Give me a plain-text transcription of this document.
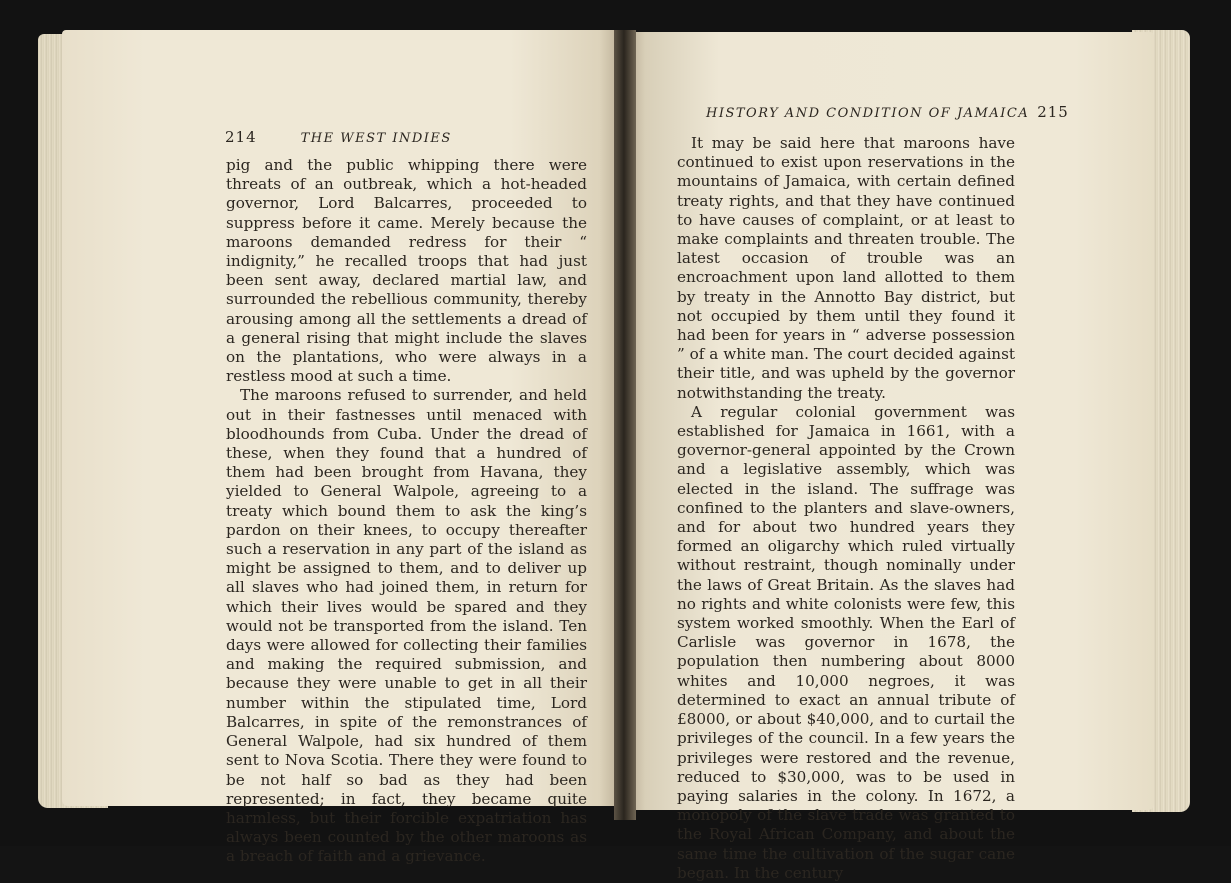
214	THE WEST INDIES
HISTORY AND CONDITION OF JAMAICA 215

pig and the public whipping there were threats of an outbreak, which a hot-headed governor, Lord Balcarres, proceeded to suppress before it came. Merely because the maroons demanded redress for their “ indignity,” he recalled troops that had just been sent away, declared martial law, and surrounded the rebellious community, thereby arousing among all the settlements a dread of a general rising that might include the slaves on the plantations, who were always in a restless mood at such a time.

The maroons refused to surrender, and held out in their fastnesses until menaced with bloodhounds from Cuba. Under the dread of these, when they found that a hundred of them had been brought from Havana, they yielded to General Walpole, agreeing to a treaty which bound them to ask the king’s pardon on their knees, to occupy thereafter such a reservation in any part of the island as might be assigned to them, and to deliver up all slaves who had joined them, in return for which their lives would be spared and they would not be transported from the island. Ten days were allowed for collecting their families and making the required submission, and because they were unable to get in all their number within the stipulated time, Lord Balcarres, in spite of the remonstrances of General Walpole, had six hundred of them sent to Nova Scotia. There they were found to be not half so bad as they had been represented; in fact, they became quite harmless, but their forcible expatriation has always been counted by the other maroons as a breach of faith and a grievance.

It may be said here that maroons have continued to exist upon reservations in the mountains of Jamaica, with certain defined treaty rights, and that they have continued to have causes of complaint, or at least to make complaints and threaten trouble. The latest occasion of trouble was an encroachment upon land allotted to them by treaty in the Annotto Bay district, but not occupied by them until they found it had been for years in “ adverse possession ” of a white man. The court decided against their title, and was upheld by the governor notwithstanding the treaty.

A regular colonial government was established for Jamaica in 1661, with a governor-general appointed by the Crown and a legislative assembly, which was elected in the island. The suffrage was confined to the planters and slave-owners, and for about two hundred years they formed an oligarchy which ruled virtually without restraint, though nominally under the laws of Great Britain. As the slaves had no rights and white colonists were few, this system worked smoothly. When the Earl of Carlisle was governor in 1678, the population then numbering about 8000 whites and 10,000 negroes, it was determined to exact an annual tribute of £8000, or about $40,000, and to curtail the privileges of the council. In a few years the privileges were restored and the revenue, reduced to $30,000, was to be used in paying salaries in the colony. In 1672, a monopoly of the slave trade was granted to the Royal African Company, and about the same time the cultivation of the sugar cane began. In the century
